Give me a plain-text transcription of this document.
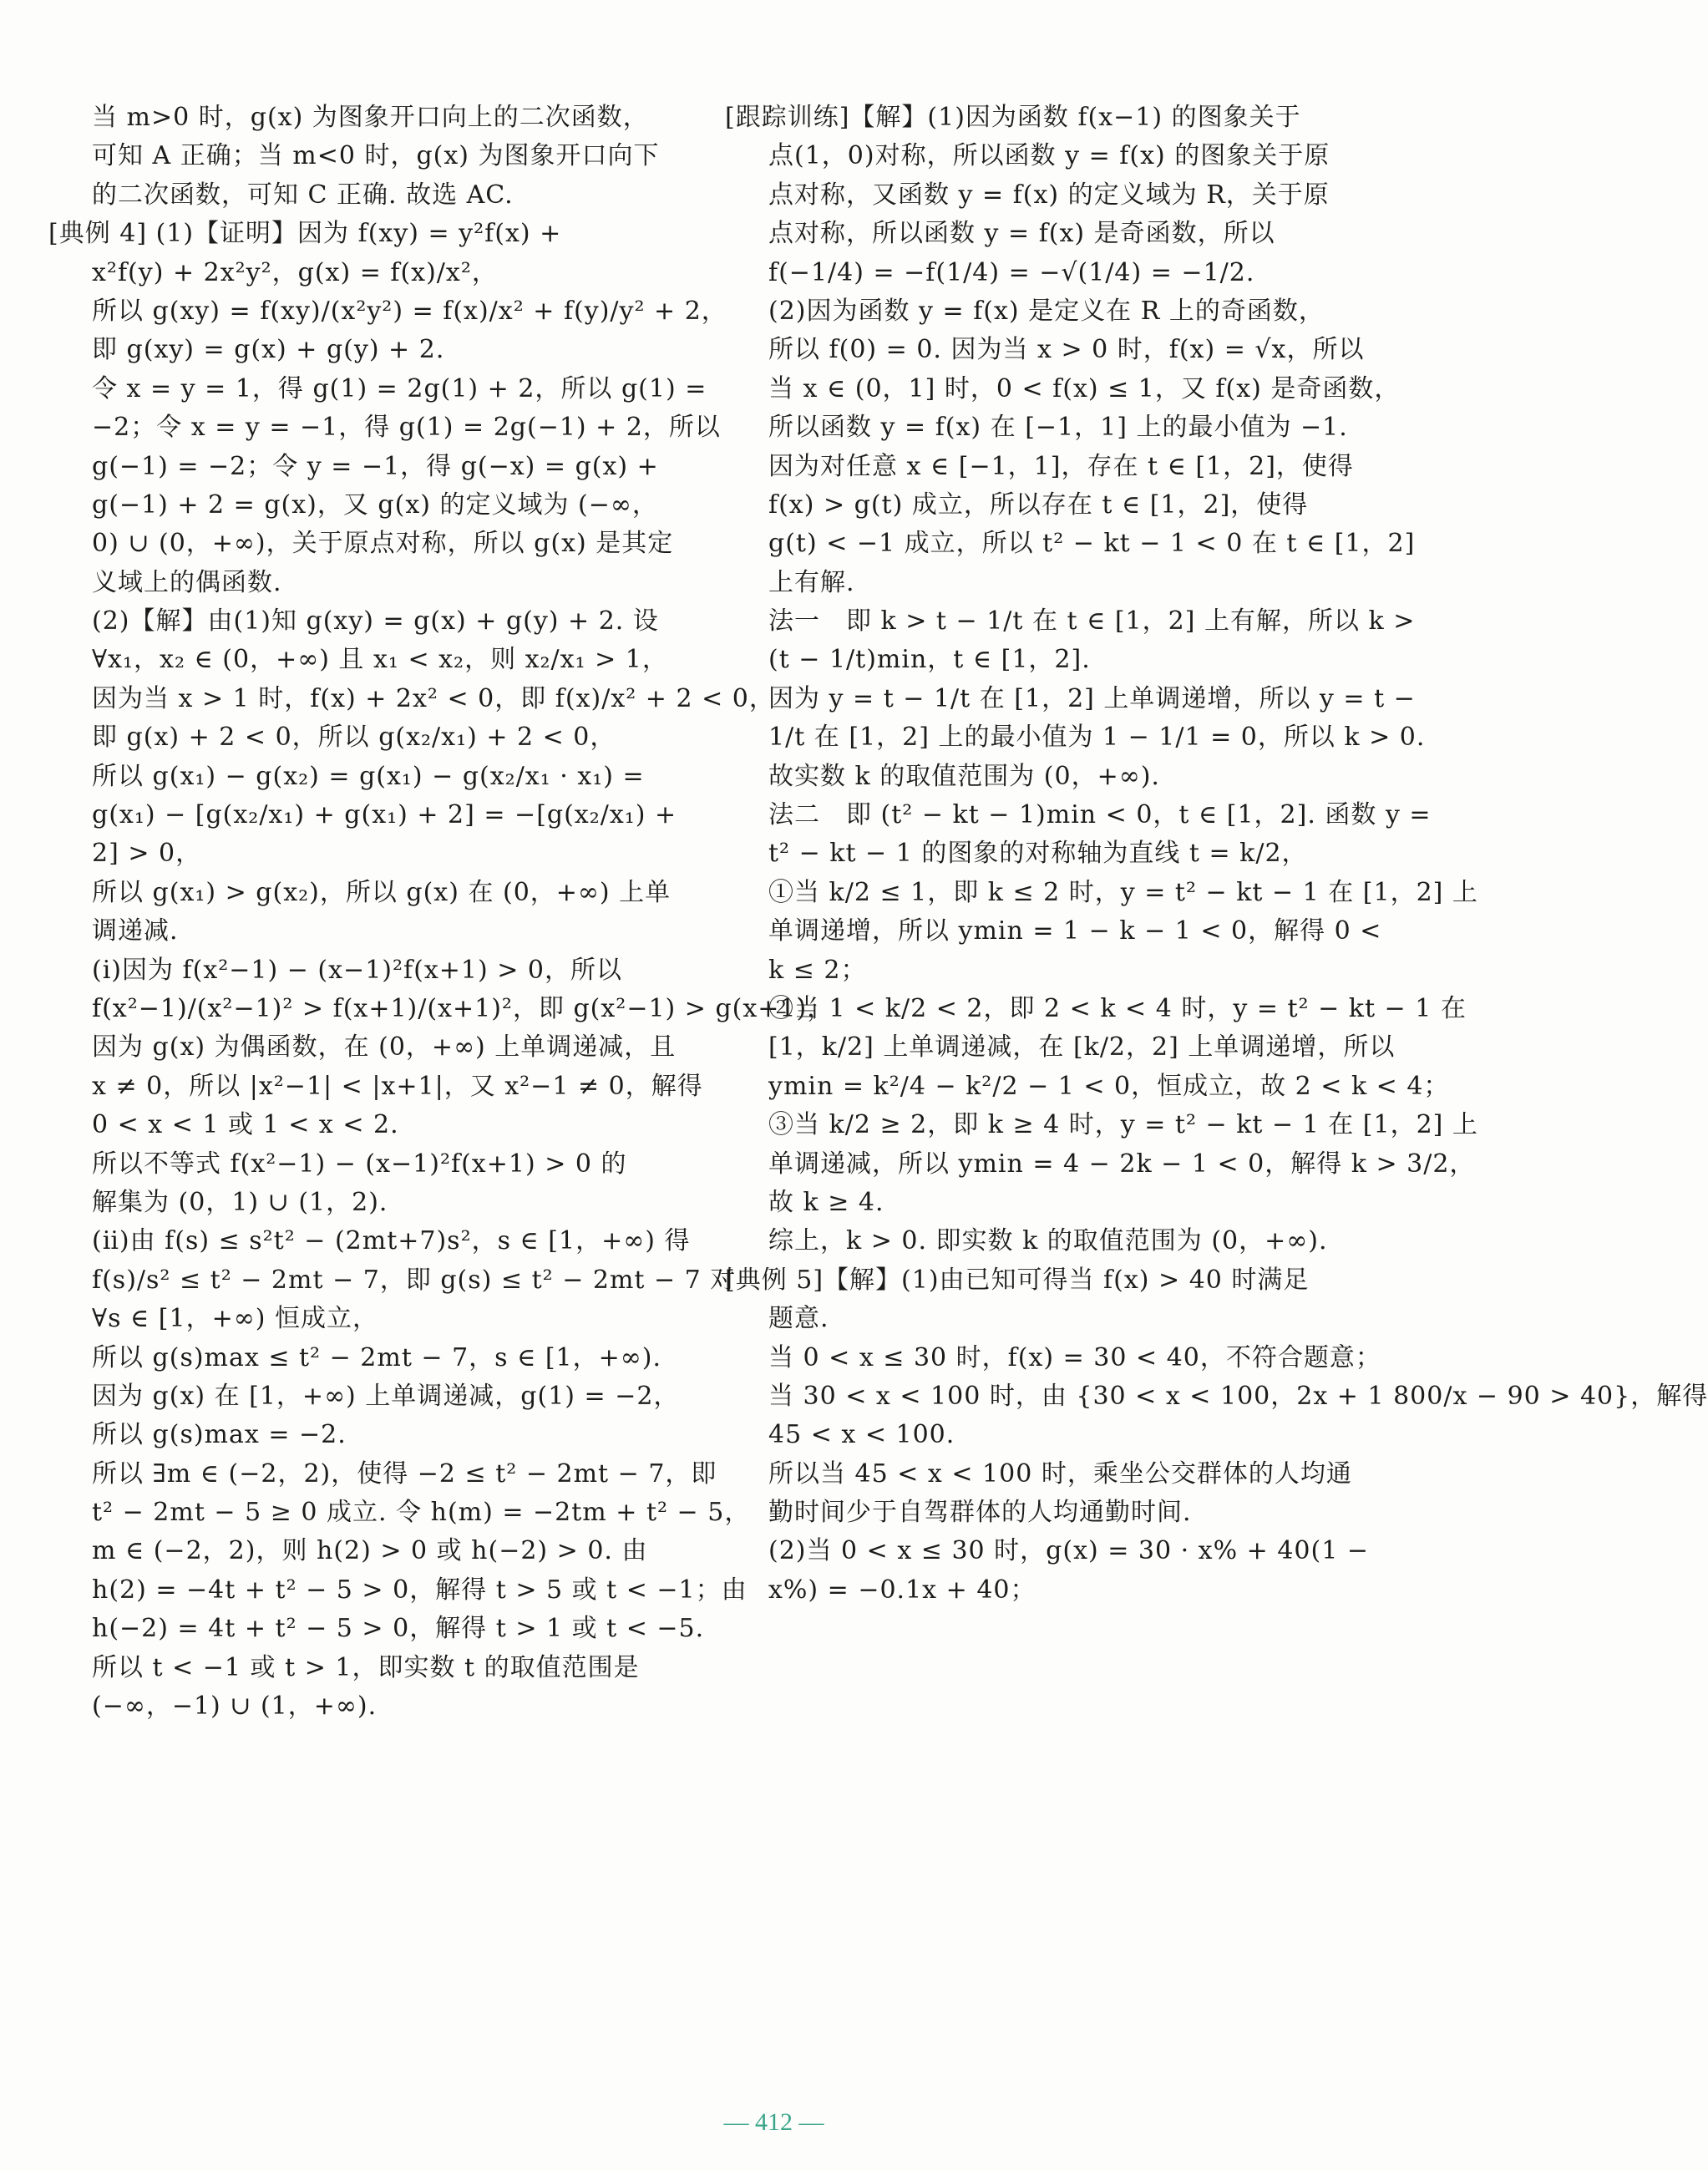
当 m>0 时，g(x) 为图象开口向上的二次函数，
可知 A 正确；当 m<0 时，g(x) 为图象开口向下
的二次函数，可知 C 正确. 故选 AC.
[典例 4] (1)【证明】因为 f(xy) = y²f(x) +
x²f(y) + 2x²y²，g(x) = f(x)/x²，
所以 g(xy) = f(xy)/(x²y²) = f(x)/x² + f(y)/y² + 2，
即 g(xy) = g(x) + g(y) + 2.
令 x = y = 1，得 g(1) = 2g(1) + 2，所以 g(1) =
−2；令 x = y = −1，得 g(1) = 2g(−1) + 2，所以
g(−1) = −2；令 y = −1，得 g(−x) = g(x) +
g(−1) + 2 = g(x)，又 g(x) 的定义域为 (−∞，
0) ∪ (0，+∞)，关于原点对称，所以 g(x) 是其定
义域上的偶函数.
(2)【解】由(1)知 g(xy) = g(x) + g(y) + 2. 设
∀x₁，x₂ ∈ (0，+∞) 且 x₁ < x₂，则 x₂/x₁ > 1，
因为当 x > 1 时，f(x) + 2x² < 0，即 f(x)/x² + 2 < 0，
即 g(x) + 2 < 0，所以 g(x₂/x₁) + 2 < 0，
所以 g(x₁) − g(x₂) = g(x₁) − g(x₂/x₁ · x₁) =
g(x₁) − [g(x₂/x₁) + g(x₁) + 2] = −[g(x₂/x₁) +
2] > 0，
所以 g(x₁) > g(x₂)，所以 g(x) 在 (0，+∞) 上单
调递减.
(ⅰ)因为 f(x²−1) − (x−1)²f(x+1) > 0，所以
f(x²−1)/(x²−1)² > f(x+1)/(x+1)²，即 g(x²−1) > g(x+1)，
因为 g(x) 为偶函数，在 (0，+∞) 上单调递减，且
x ≠ 0，所以 |x²−1| < |x+1|，又 x²−1 ≠ 0，解得
0 < x < 1 或 1 < x < 2.
所以不等式 f(x²−1) − (x−1)²f(x+1) > 0 的
解集为 (0，1) ∪ (1，2).
(ⅱ)由 f(s) ≤ s²t² − (2mt+7)s²，s ∈ [1，+∞) 得
f(s)/s² ≤ t² − 2mt − 7，即 g(s) ≤ t² − 2mt − 7 对
∀s ∈ [1，+∞) 恒成立，
所以 g(s)max ≤ t² − 2mt − 7，s ∈ [1，+∞).
因为 g(x) 在 [1，+∞) 上单调递减，g(1) = −2，
所以 g(s)max = −2.
所以 ∃m ∈ (−2，2)，使得 −2 ≤ t² − 2mt − 7，即
t² − 2mt − 5 ≥ 0 成立. 令 h(m) = −2tm + t² − 5，
m ∈ (−2，2)，则 h(2) > 0 或 h(−2) > 0. 由
h(2) = −4t + t² − 5 > 0，解得 t > 5 或 t < −1；由
h(−2) = 4t + t² − 5 > 0，解得 t > 1 或 t < −5.
所以 t < −1 或 t > 1，即实数 t 的取值范围是
(−∞，−1) ∪ (1，+∞).
[跟踪训练]【解】(1)因为函数 f(x−1) 的图象关于
点(1，0)对称，所以函数 y = f(x) 的图象关于原
点对称，又函数 y = f(x) 的定义域为 R，关于原
点对称，所以函数 y = f(x) 是奇函数，所以
f(−1/4) = −f(1/4) = −√(1/4) = −1/2.
(2)因为函数 y = f(x) 是定义在 R 上的奇函数，
所以 f(0) = 0. 因为当 x > 0 时，f(x) = √x，所以
当 x ∈ (0，1] 时，0 < f(x) ≤ 1，又 f(x) 是奇函数，
所以函数 y = f(x) 在 [−1，1] 上的最小值为 −1.
因为对任意 x ∈ [−1，1]，存在 t ∈ [1，2]，使得
f(x) > g(t) 成立，所以存在 t ∈ [1，2]，使得
g(t) < −1 成立，所以 t² − kt − 1 < 0 在 t ∈ [1，2]
上有解.
法一　即 k > t − 1/t 在 t ∈ [1，2] 上有解，所以 k >
(t − 1/t)min，t ∈ [1，2].
因为 y = t − 1/t 在 [1，2] 上单调递增，所以 y = t −
1/t 在 [1，2] 上的最小值为 1 − 1/1 = 0，所以 k > 0.
故实数 k 的取值范围为 (0，+∞).
法二　即 (t² − kt − 1)min < 0，t ∈ [1，2]. 函数 y =
t² − kt − 1 的图象的对称轴为直线 t = k/2，
①当 k/2 ≤ 1，即 k ≤ 2 时，y = t² − kt − 1 在 [1，2] 上
单调递增，所以 ymin = 1 − k − 1 < 0，解得 0 <
k ≤ 2；
②当 1 < k/2 < 2，即 2 < k < 4 时，y = t² − kt − 1 在
[1，k/2] 上单调递减，在 [k/2，2] 上单调递增，所以
ymin = k²/4 − k²/2 − 1 < 0，恒成立，故 2 < k < 4；
③当 k/2 ≥ 2，即 k ≥ 4 时，y = t² − kt − 1 在 [1，2] 上
单调递减，所以 ymin = 4 − 2k − 1 < 0，解得 k > 3/2，
故 k ≥ 4.
综上，k > 0. 即实数 k 的取值范围为 (0，+∞).
[典例 5]【解】(1)由已知可得当 f(x) > 40 时满足
题意.
当 0 < x ≤ 30 时，f(x) = 30 < 40，不符合题意；
当 30 < x < 100 时，由 {30 < x < 100，2x + 1 800/x − 90 > 40}，解得
45 < x < 100.
所以当 45 < x < 100 时，乘坐公交群体的人均通
勤时间少于自驾群体的人均通勤时间.
(2)当 0 < x ≤ 30 时，g(x) = 30 · x% + 40(1 −
x%) = −0.1x + 40；
— 412 —
